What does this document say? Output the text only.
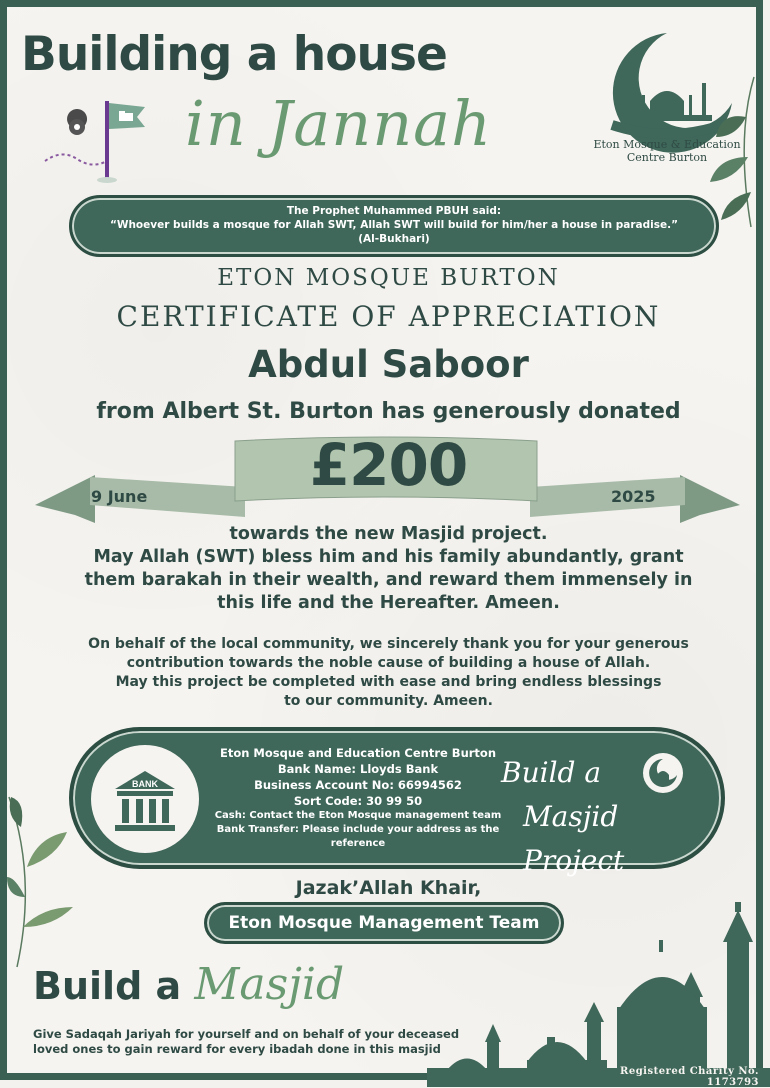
Building a house
in Jannah	Eton Mosque & Education
Centre Burton
The Prophet Muhammed PBUH said:
“Whoever builds a mosque for Allah SWT, Allah SWT will build for him/her a house in paradise.”
(Al-Bukhari)
ETON MOSQUE BURTON
CERTIFICATE OF APPRECIATION
Abdul Saboor
from Albert St. Burton has generously donated
£200
9 June	2025
towards the new Masjid project.
May Allah (SWT) bless him and his family abundantly, grant
them barakah in their wealth, and reward them immensely in
this life and the Hereafter. Ameen.
On behalf of the local community, we sincerely thank you for your generous
contribution towards the noble cause of building a house of Allah.
May this project be completed with ease and bring endless blessings
to our community. Ameen.
BANK
Eton Mosque and Education Centre Burton
Bank Name: Lloyds Bank
Business Account No: 66994562
Sort Code: 30 99 50
Cash: Contact the Eton Mosque management team
Bank Transfer: Please include your address as the reference
Build a
Masjid Project
Jazak’Allah Khair,
Eton Mosque Management Team
Build a Masjid
Give Sadaqah Jariyah for yourself and on behalf of your deceased
loved ones to gain reward for every ibadah done in this masjid
Registered Charity No. 1173793
